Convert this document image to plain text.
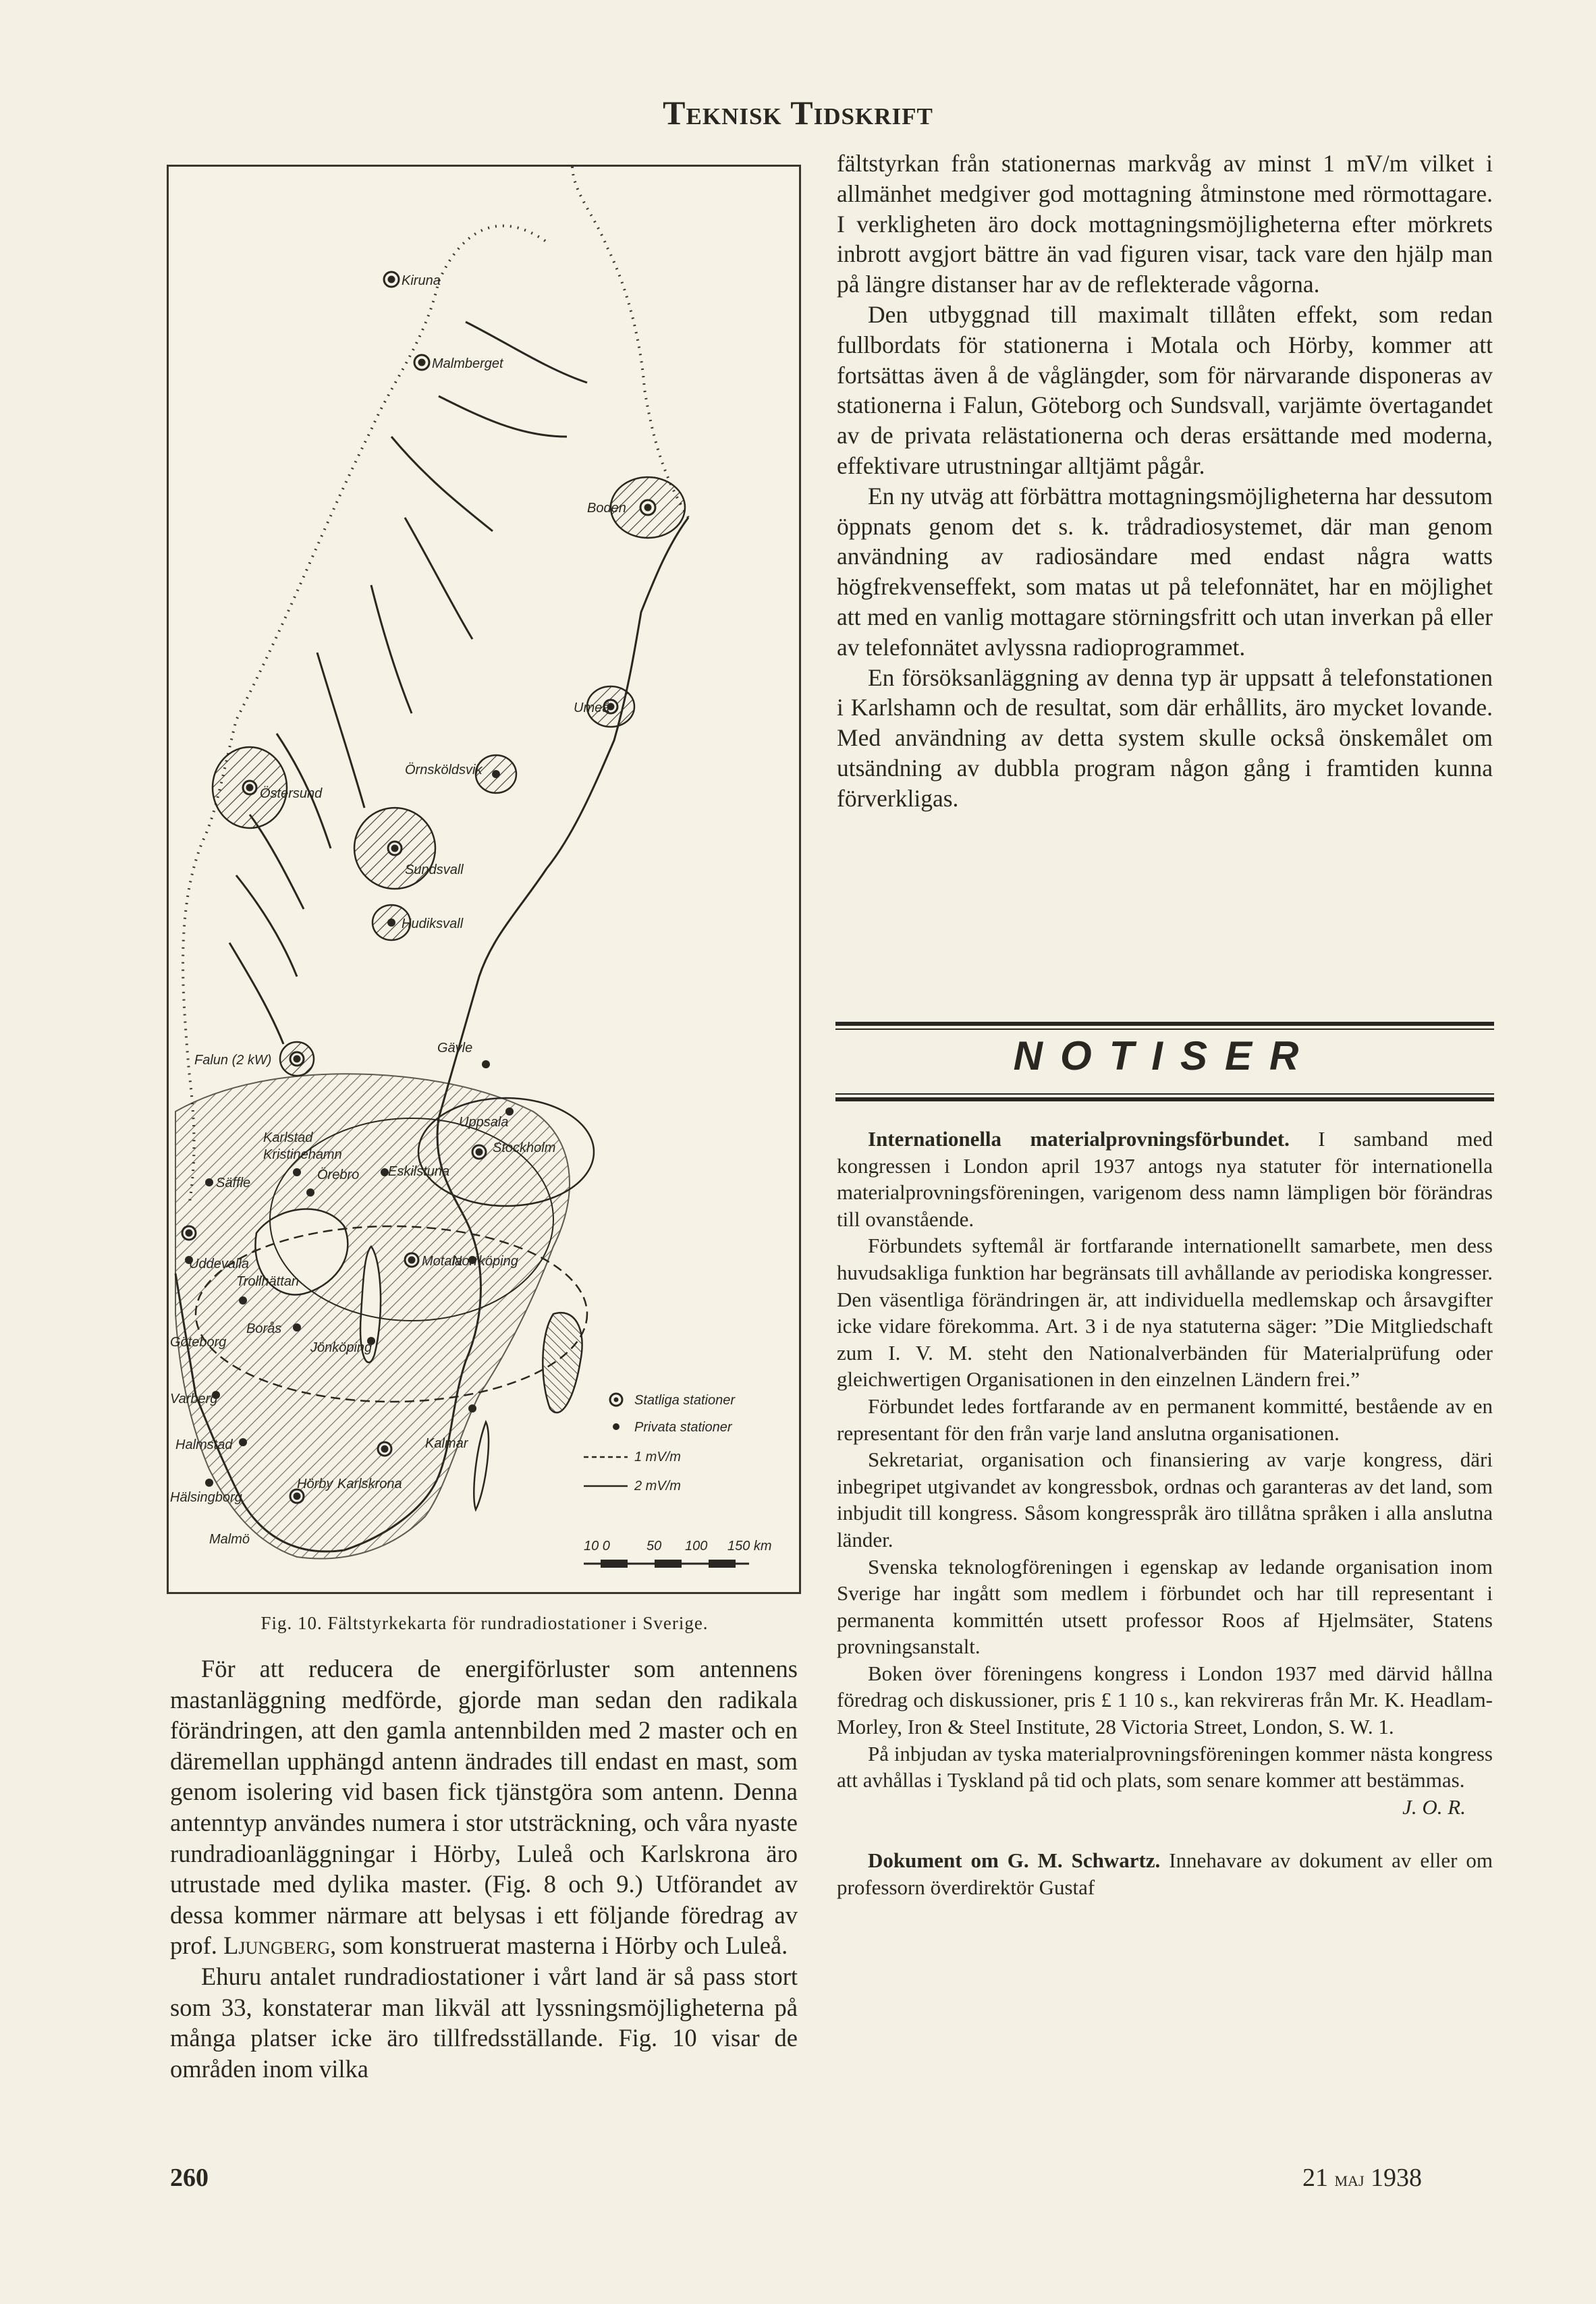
Teknisk Tidskrift
Kiruna
Malmberget
Boden
Umeå
Östersund
Örnsköldsvik
Sundsvall
Hudiksvall
Falun (2 kW)
Gävle
Uppsala
Stockholm
Karlstad
Kristinehamn
Örebro Eskilstuna
Säffle
Uddevalla
Trollhättan
Motala
Norrköping
Borås
Göteborg	Jönköping
Varberg
Halmstad	Kalmar
Hälsingborg
Hörby Karlskrona
Malmö
Statliga stationer
Privata stationer
1 mV/m
2 mV/m
10 0	50 100 150 km
Fig. 10. Fältstyrkekarta för rundradiostationer i Sverige.

För att reducera de energiförluster som antennens mastanläggning medförde, gjorde man sedan den radikala förändringen, att den gamla antennbilden med 2 master och en däremellan upphängd antenn ändrades till endast en mast, som genom isolering vid basen fick tjänstgöra som antenn. Denna antenntyp användes numera i stor utsträckning, och våra nyaste rundradioanläggningar i Hörby, Luleå och Karlskrona äro utrustade med dylika master. (Fig. 8 och 9.) Utförandet av dessa kommer närmare att belysas i ett följande föredrag av prof. Ljungberg, som konstruerat masterna i Hörby och Luleå.

Ehuru antalet rundradiostationer i vårt land är så pass stort som 33, konstaterar man likväl att lyssningsmöjligheterna på många platser icke äro tillfredsställande. Fig. 10 visar de områden inom vilka

fältstyrkan från stationernas markvåg av minst 1 mV/m vilket i allmänhet medgiver god mottagning åtminstone med rörmottagare. I verkligheten äro dock mottagningsmöjligheterna efter mörkrets inbrott avgjort bättre än vad figuren visar, tack vare den hjälp man på längre distanser har av de reflekterade vågorna.

Den utbyggnad till maximalt tillåten effekt, som redan fullbordats för stationerna i Motala och Hörby, kommer att fortsättas även å de våglängder, som för närvarande disponeras av stationerna i Falun, Göteborg och Sundsvall, varjämte övertagandet av de privata relästationerna och deras ersättande med moderna, effektivare utrustningar alltjämt pågår.

En ny utväg att förbättra mottagningsmöjligheterna har dessutom öppnats genom det s. k. trådradiosystemet, där man genom användning av radiosändare med endast några watts högfrekvenseffekt, som matas ut på telefonnätet, har en möjlighet att med en vanlig mottagare störningsfritt och utan inverkan på eller av telefonnätet avlyssna radioprogrammet.

En försöksanläggning av denna typ är uppsatt å telefonstationen i Karlshamn och de resultat, som där erhållits, äro mycket lovande. Med användning av detta system skulle också önskemålet om utsändning av dubbla program någon gång i framtiden kunna förverkligas.

NOTISER

Internationella materialprovningsförbundet. I samband med kongressen i London april 1937 antogs nya statuter för internationella materialprovningsföreningen, varigenom dess namn lämpligen bör förändras till ovanstående.

Förbundets syftemål är fortfarande internationellt samarbete, men dess huvudsakliga funktion har begränsats till avhållande av periodiska kongresser. Den väsentliga förändringen är, att individuella medlemskap och årsavgifter icke vidare förekomma. Art. 3 i de nya statuterna säger: ”Die Mitgliedschaft zum I. V. M. steht den Nationalverbänden für Materialprüfung oder gleichwertigen Organisationen in den einzelnen Ländern frei.”

Förbundet ledes fortfarande av en permanent kommitté, bestående av en representant för den från varje land anslutna organisationen.

Sekretariat, organisation och finansiering av varje kongress, däri inbegripet utgivandet av kongressbok, ordnas och garanteras av det land, som inbjudit till kongress. Såsom kongresspråk äro tillåtna språken i alla anslutna länder.

Svenska teknologföreningen i egenskap av ledande organisation inom Sverige har ingått som medlem i förbundet och har till representant i permanenta kommittén utsett professor Roos af Hjelmsäter, Statens provningsanstalt.

Boken över föreningens kongress i London 1937 med därvid hållna föredrag och diskussioner, pris £ 1 10 s., kan rekvireras från Mr. K. Headlam-Morley, Iron & Steel Institute, 28 Victoria Street, London, S. W. 1.

På inbjudan av tyska materialprovningsföreningen kommer nästa kongress att avhållas i Tyskland på tid och plats, som senare kommer att bestämmas.

J. O. R.

Dokument om G. M. Schwartz. Innehavare av dokument av eller om professorn överdirektör Gustaf

260	21 maj 1938
